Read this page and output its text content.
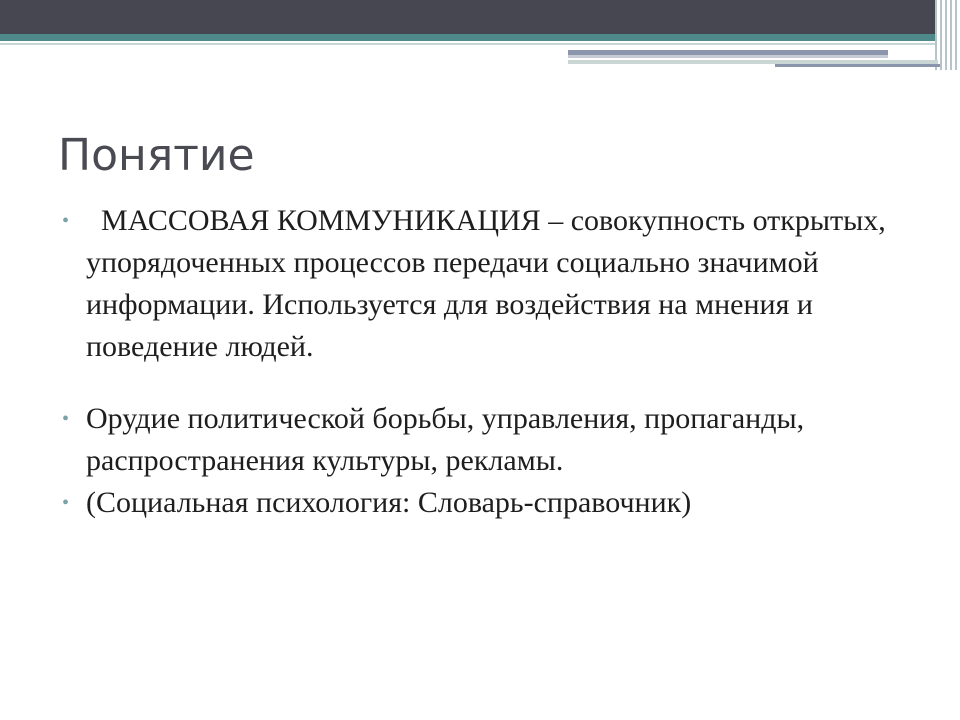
Понятие
• МАССОВАЯ КОММУНИКАЦИЯ – совокупность открытых, упорядоченных процессов передачи социально значимой информации. Используется для воздействия на мнения и поведение людей.
• Орудие политической борьбы, управления, пропаганды, распространения культуры, рекламы.
• (Социальная психология: Словарь-справочник)
